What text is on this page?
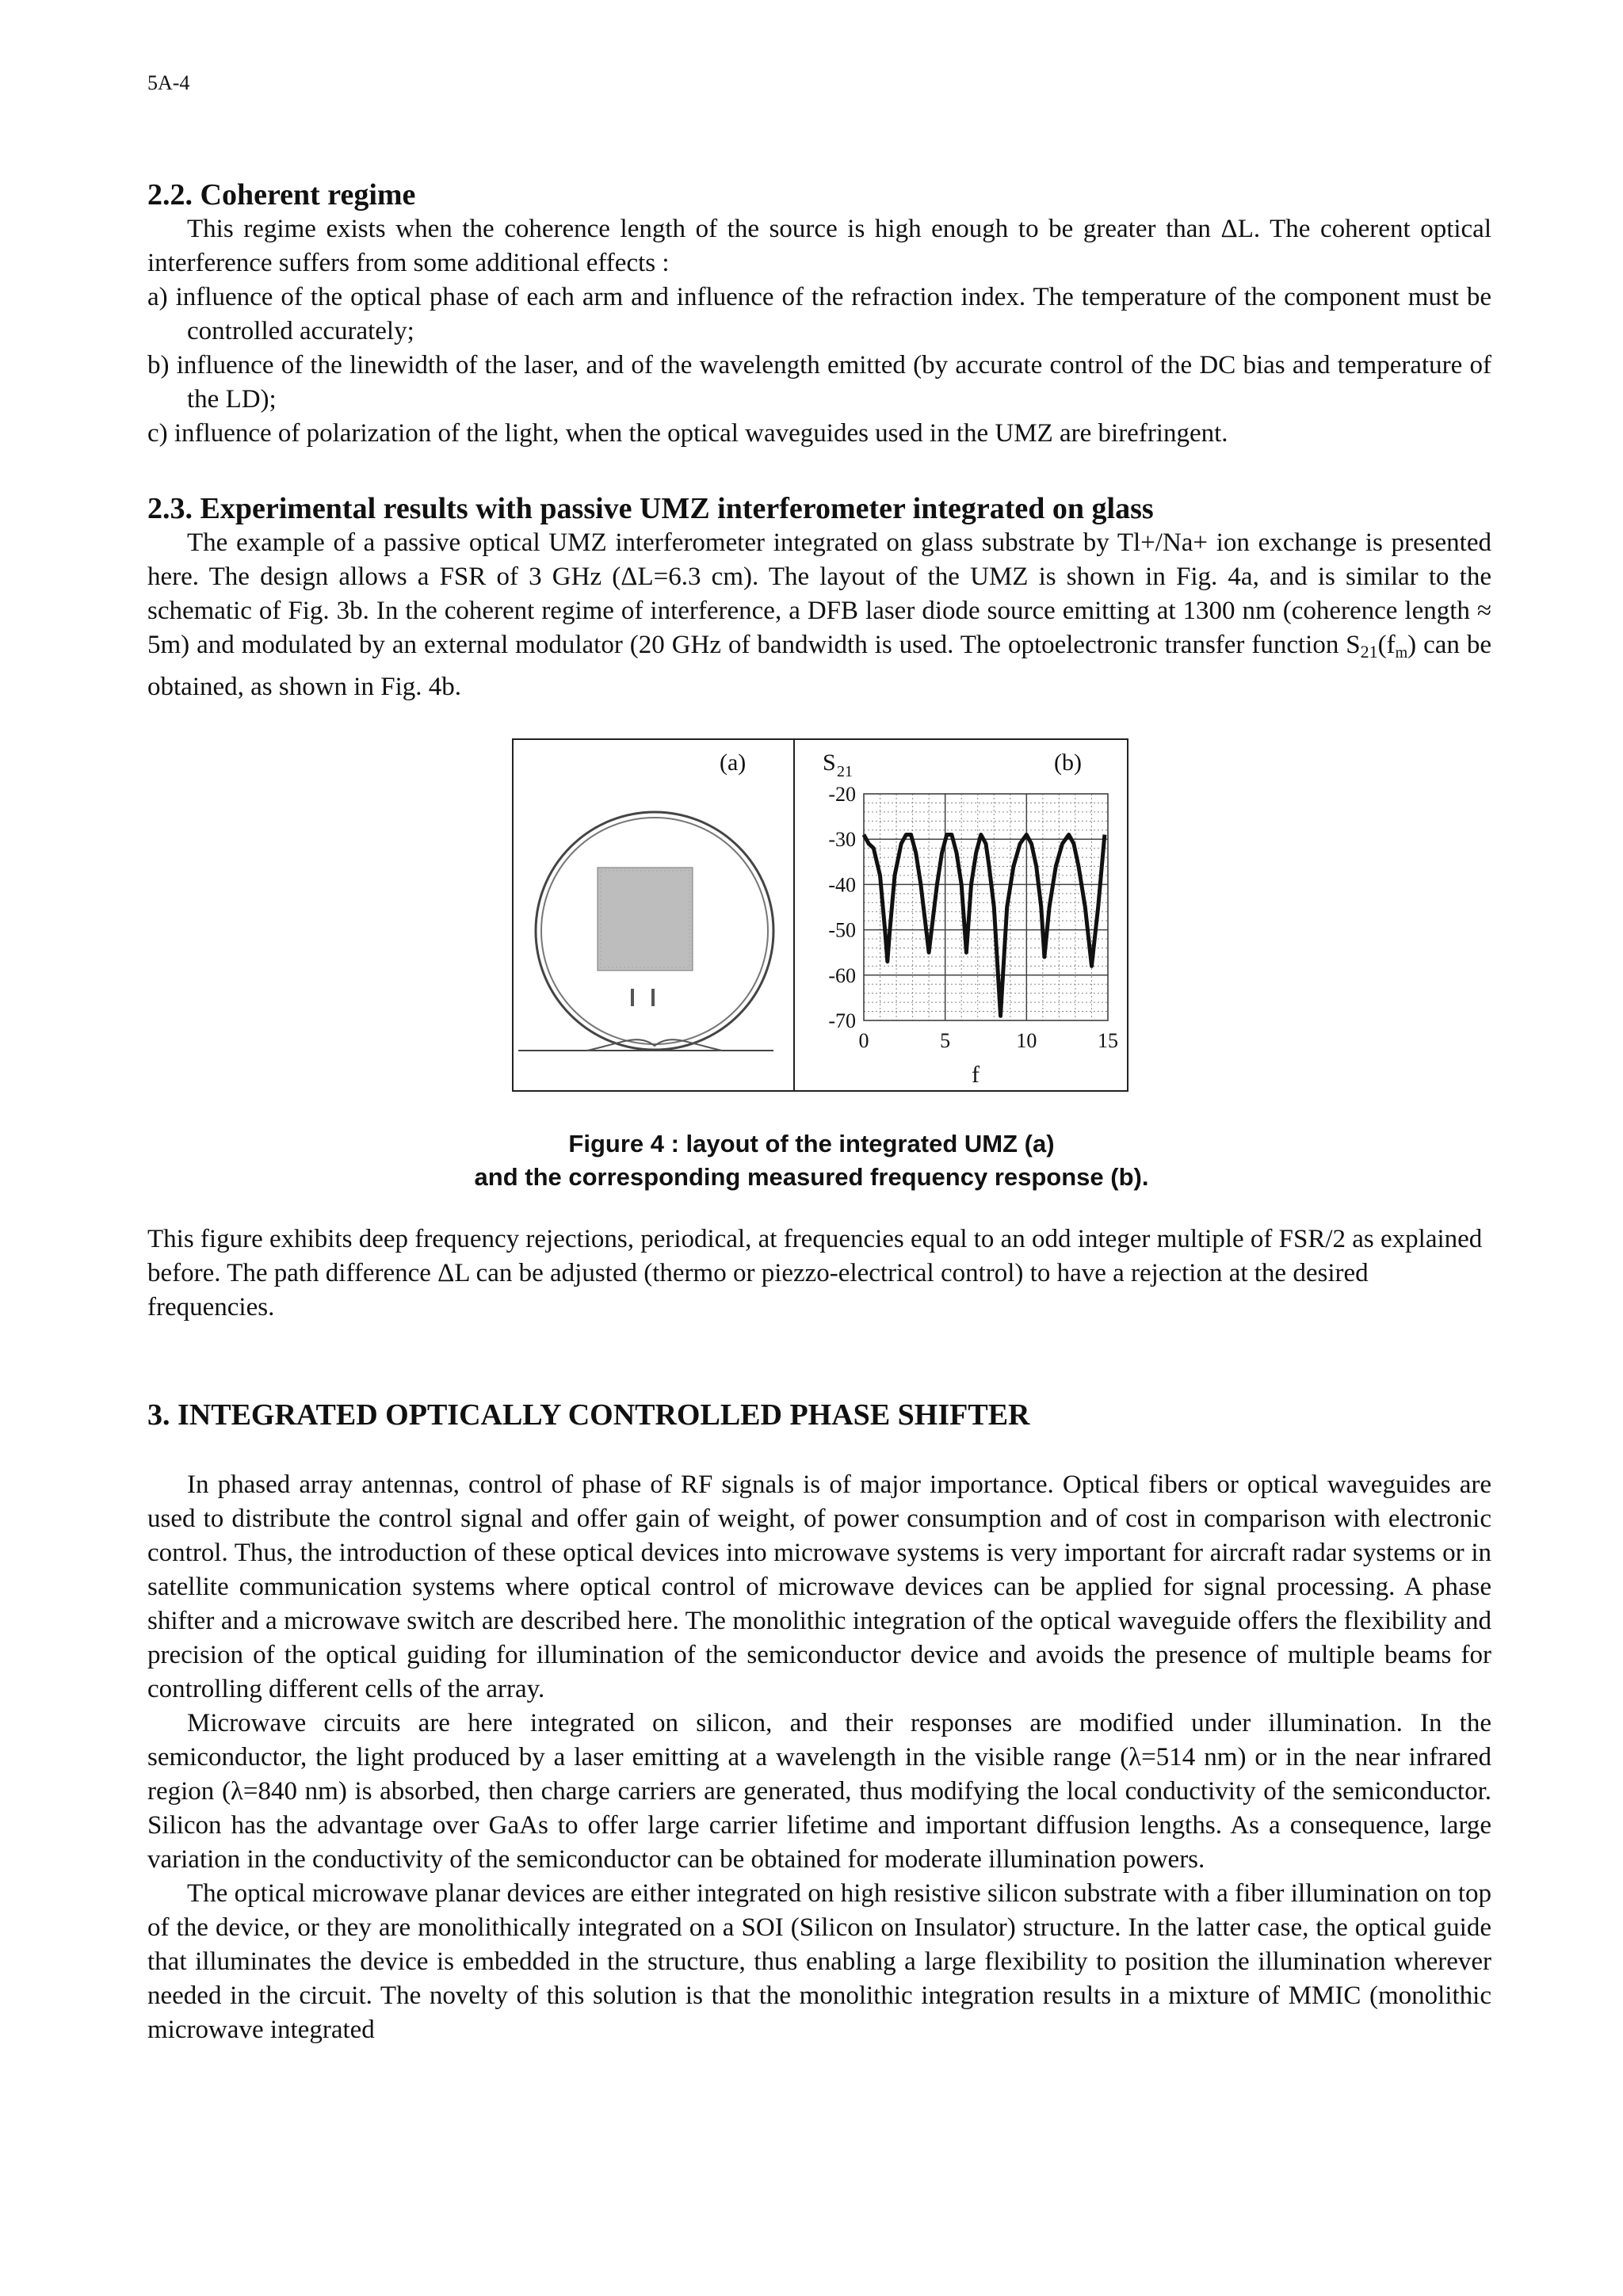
5A-4
2.2. Coherent regime

This regime exists when the coherence length of the source is high enough to be greater than ΔL. The coherent optical interference suffers from some additional effects :

a) influence of the optical phase of each arm and influence of the refraction index. The temperature of the component must be controlled accurately;

b) influence of the linewidth of the laser, and of the wavelength emitted (by accurate control of the DC bias and temperature of the LD);

c) influence of polarization of the light, when the optical waveguides used in the UMZ are birefringent.

2.3. Experimental results with passive UMZ interferometer integrated on glass

The example of a passive optical UMZ interferometer integrated on glass substrate by Tl+/Na+ ion exchange is presented here. The design allows a FSR of 3 GHz (ΔL=6.3 cm). The layout of the UMZ is shown in Fig. 4a, and is similar to the schematic of Fig. 3b. In the coherent regime of interference, a DFB laser diode source emitting at 1300 nm (coherence length ≈ 5m) and modulated by an external modulator (20 GHz of bandwidth is used. The optoelectronic transfer function $S_{21}(fm)$ can be obtained, as shown in Fig. 4b.

(a)	S 21	(b)
-20
-30
-40
-50
-60
-70
0	5	10	15
f
Figure 4 : layout of the integrated UMZ (a)
and the corresponding measured frequency response (b).

This figure exhibits deep frequency rejections, periodical, at frequencies equal to an odd integer multiple of FSR/2 as explained before. The path difference ΔL can be adjusted (thermo or piezzo-electrical control) to have a rejection at the desired frequencies.

3. INTEGRATED OPTICALLY CONTROLLED PHASE SHIFTER

In phased array antennas, control of phase of RF signals is of major importance. Optical fibers or optical waveguides are used to distribute the control signal and offer gain of weight, of power consumption and of cost in comparison with electronic control. Thus, the introduction of these optical devices into microwave systems is very important for aircraft radar systems or in satellite communication systems where optical control of microwave devices can be applied for signal processing. A phase shifter and a microwave switch are described here. The monolithic integration of the optical waveguide offers the flexibility and precision of the optical guiding for illumination of the semiconductor device and avoids the presence of multiple beams for controlling different cells of the array.

Microwave circuits are here integrated on silicon, and their responses are modified under illumination. In the semiconductor, the light produced by a laser emitting at a wavelength in the visible range (λ=514 nm) or in the near infrared region (λ=840 nm) is absorbed, then charge carriers are generated, thus modifying the local conductivity of the semiconductor. Silicon has the advantage over GaAs to offer large carrier lifetime and important diffusion lengths. As a consequence, large variation in the conductivity of the semiconductor can be obtained for moderate illumination powers.

The optical microwave planar devices are either integrated on high resistive silicon substrate with a fiber illumination on top of the device, or they are monolithically integrated on a SOI (Silicon on Insulator) structure. In the latter case, the optical guide that illuminates the device is embedded in the structure, thus enabling a large flexibility to position the illumination wherever needed in the circuit. The novelty of this solution is that the monolithic integration results in a mixture of MMIC (monolithic microwave integrated
